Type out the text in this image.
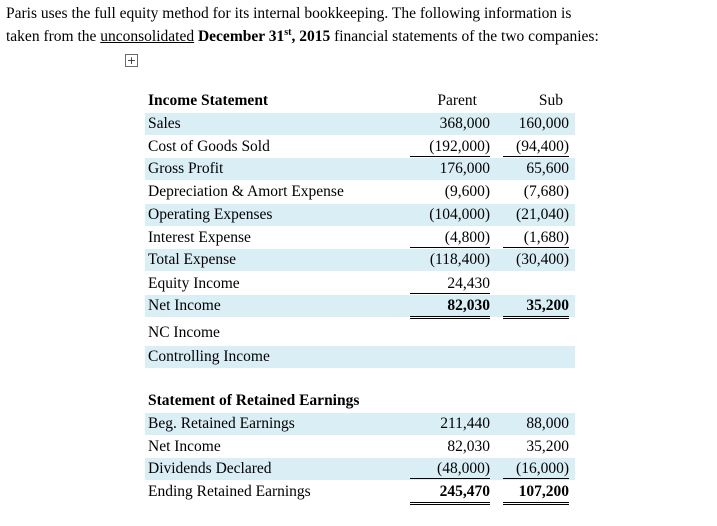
Paris uses the full equity method for its internal bookkeeping. The following information is
taken from the unconsolidated December 31st, 2015 financial statements of the two companies:
+
Income Statement	Parent	Sub
Sales	368,000	160,000
Cost of Goods Sold	(192,000)	(94,400)
Gross Profit	176,000	65,600
Depreciation & Amort Expense	(9,600)	(7,680)
Operating Expenses	(104,000)	(21,040)
Interest Expense	(4,800)	(1,680)
Total Expense	(118,400)	(30,400)
Equity Income	24,430
Net Income	82,030	35,200
NC Income
Controlling Income
Statement of Retained Earnings
Beg. Retained Earnings	211,440	88,000
Net Income	82,030	35,200
Dividends Declared	(48,000)	(16,000)
Ending Retained Earnings	245,470	107,200
